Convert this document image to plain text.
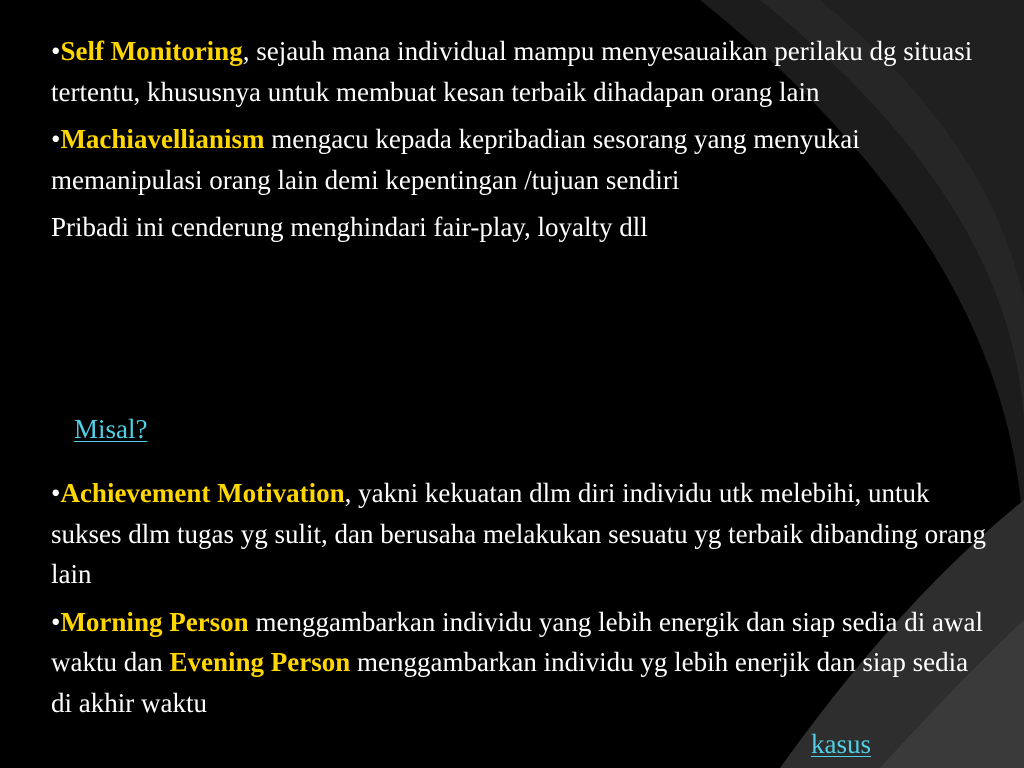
•Self Monitoring, sejauh mana individual mampu menyesauaikan perilaku dg situasi tertentu, khususnya untuk membuat kesan terbaik dihadapan orang lain

•Machiavellianism mengacu kepada kepribadian sesorang yang menyukai memanipulasi orang lain demi kepentingan /tujuan sendiri

Pribadi ini cenderung menghindari fair-play, loyalty dll

Misal?

•Achievement Motivation, yakni kekuatan dlm diri individu utk melebihi, untuk sukses dlm tugas yg sulit, dan berusaha melakukan sesuatu yg terbaik dibanding orang lain

•Morning Person menggambarkan individu yang lebih energik dan siap sedia di awal waktu dan Evening Person menggambarkan individu yg lebih enerjik dan siap sedia di akhir waktu

kasus
